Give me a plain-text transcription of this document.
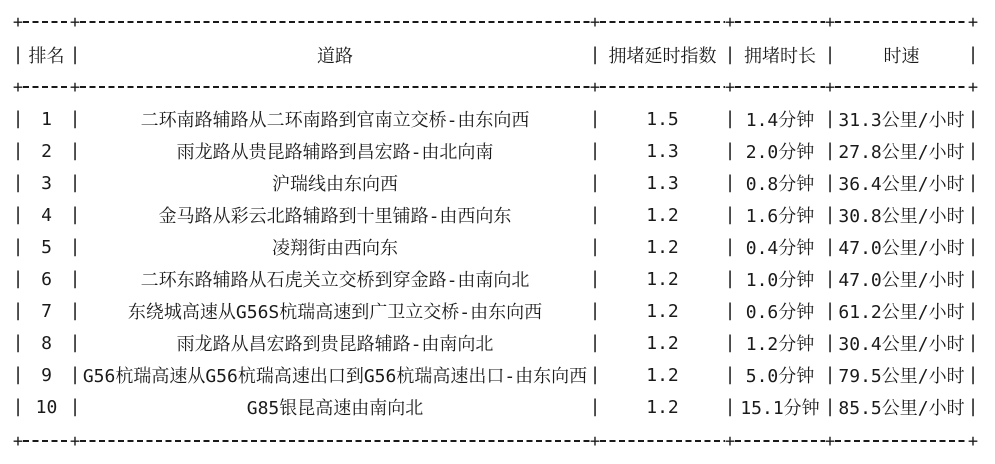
|	|	|	|	|	|
排名	道路	拥堵延时指数	拥堵时长	时速
|	|	|	|	|	|
1	二环南路辅路从二环南路到官南立交桥-由东向西	1.5	1.4分钟	31.3公里/小时
|	|	|	|	|	|
2	雨龙路从贵昆路辅路到昌宏路-由北向南	1.3	2.0分钟	27.8公里/小时
|	|	|	|	|	|
3	沪瑞线由东向西	1.3	0.8分钟	36.4公里/小时
|	|	|	|	|	|
4	金马路从彩云北路辅路到十里铺路-由西向东	1.2	1.6分钟	30.8公里/小时
|	|	|	|	|	|
5	凌翔街由西向东	1.2	0.4分钟	47.0公里/小时
|	|	|	|	|	|
6	二环东路辅路从石虎关立交桥到穿金路-由南向北	1.2	1.0分钟	47.0公里/小时
|	|	|	|	|	|
7	东绕城高速从G56S杭瑞高速到广卫立交桥-由东向西	1.2	0.6分钟	61.2公里/小时
|	|	|	|	|	|
8	雨龙路从昌宏路到贵昆路辅路-由南向北	1.2	1.2分钟	30.4公里/小时
|	|	|	|	|	|
9	G56杭瑞高速从G56杭瑞高速出口到G56杭瑞高速出口-由东向西	1.2	5.0分钟	79.5公里/小时
|	|	|	|	|	|
10	G85银昆高速由南向北	1.2	15.1分钟	85.5公里/小时
+	+	+	+	+	+
+	+	+	+	+	+
+	+	+	+	+	+
